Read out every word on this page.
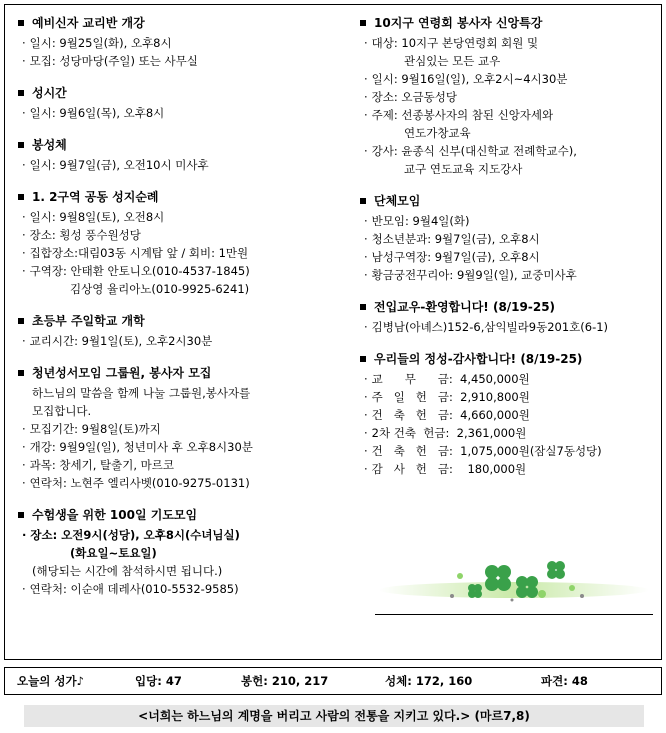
예비신자 교리반 개강
· 일시: 9월25일(화), 오후8시
· 모집: 성당마당(주일) 또는 사무실
성시간
· 일시: 9월6일(목), 오후8시
봉성체
· 일시: 9월7일(금), 오전10시 미사후
1. 2구역 공동 성지순례
· 일시: 9월8일(토), 오전8시
· 장소: 횡성 풍수원성당
· 집합장소:대림03동 시계탑 앞 / 회비: 1만원
· 구역장: 안태환 안토니오(010-4537-1845)
김상영 율리아노(010-9925-6241)
초등부 주일학교 개학
· 교리시간: 9월1일(토), 오후2시30분
청년성서모임 그룹원, 봉사자 모집
하느님의 말씀을 함께 나눌 그룹원,봉사자를
모집합니다.
· 모집기간: 9월8일(토)까지
· 개강: 9월9일(일), 청년미사 후 오후8시30분
· 과목: 창세기, 탈출기, 마르코
· 연락처: 노현주 엘리사벳(010-9275-0131)
수험생을 위한 100일 기도모임
· 장소: 오전9시(성당), 오후8시(수녀님실)
(화요일~토요일)
(해당되는 시간에 참석하시면 됩니다.)
· 연락처: 이순애 데레사(010-5532-9585)
10지구 연령회 봉사자 신앙특강
· 대상: 10지구 본당연령회 회원 및
관심있는 모든 교우
· 일시: 9월16일(일), 오후2시~4시30분
· 장소: 오금동성당
· 주제: 선종봉사자의 참된 신앙자세와
연도가창교육
· 강사: 윤종식 신부(대신학교 전례학교수),
교구 연도교육 지도강사
단체모임
· 반모임: 9월4일(화)
· 청소년분과: 9월7일(금), 오후8시
· 남성구역장: 9월7일(금), 오후8시
· 황금궁전꾸리아: 9월9일(일), 교중미사후
전입교우-환영합니다! (8/19-25)
· 김병남(아녜스)152-6,삼익빌라9동201호(6-1)
우리들의 정성-감사합니다! (8/19-25)
· 교      무      금:  4,450,000원
· 주   일   헌   금:  2,910,800원
· 건   축   헌   금:  4,660,000원
· 2차 건축  헌금:  2,361,000원
· 건   축   헌   금:  1,075,000원(잠실7동성당)
· 감   사   헌   금:    180,000원
오늘의 성가♪	입당: 47	봉헌: 210, 217	성체: 172, 160	파견: 48
<너희는 하느님의 계명을 버리고 사람의 전통을 지키고 있다.> (마르7,8)
